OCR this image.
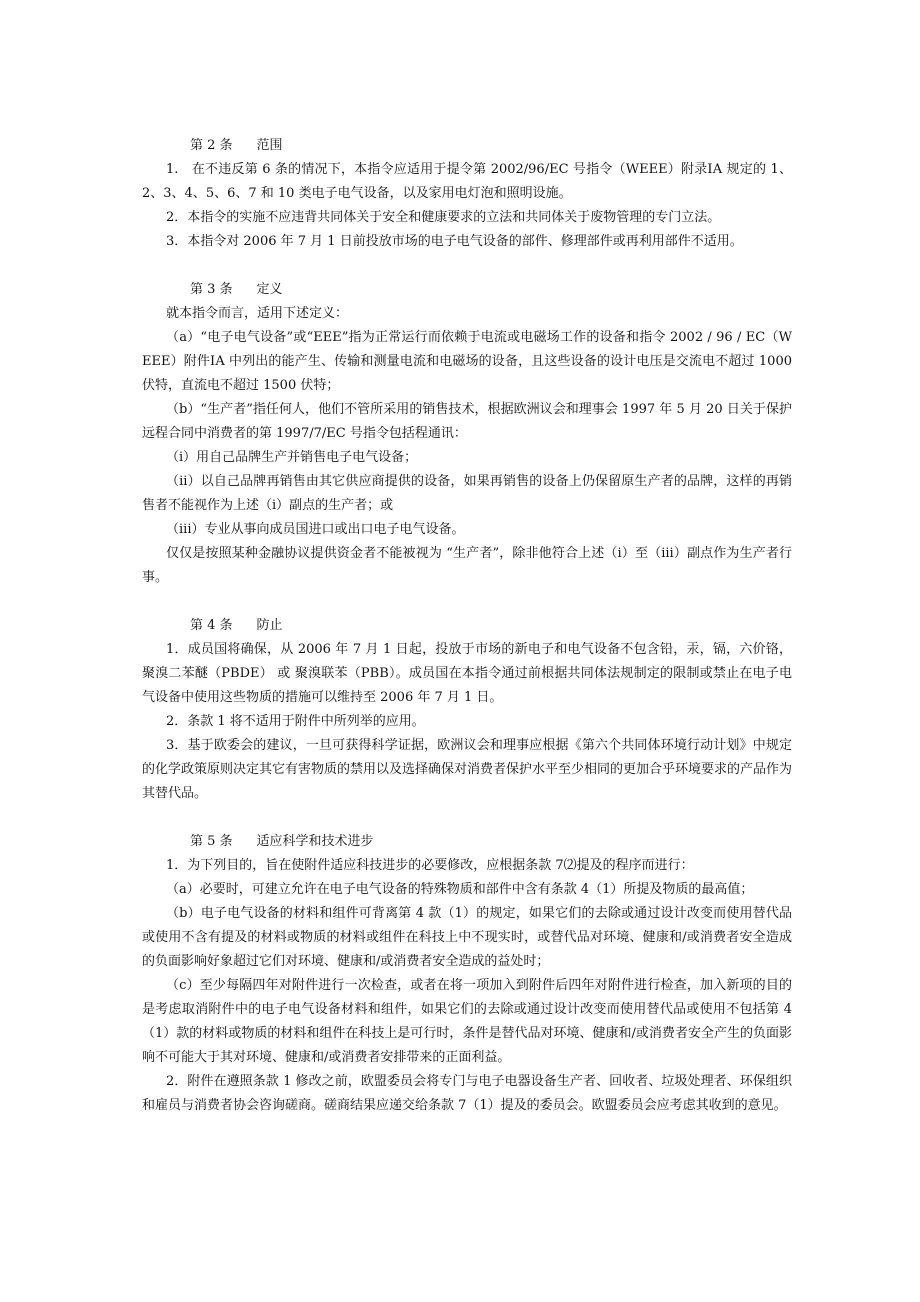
第 2 条 范围

1.　在不违反第 6 条的情况下，本指令应适用于提令第 2002/96/EC 号指令（WEEE）附录ⅠA 规定的 1、2、3、4、5、6、7 和 10 类电子电气设备，以及家用电灯泡和照明设施。

2．本指令的实施不应违背共同体关于安全和健康要求的立法和共同体关于废物管理的专门立法。

3．本指令对 2006 年 7 月 1 日前投放市场的电子电气设备的部件、修理部件或再利用部件不适用。

第 3 条 定义

就本指令而言，适用下述定义：

（a）“电子电气设备”或“EEE”指为正常运行而依赖于电流或电磁场工作的设备和指令 2002 / 96 / EC（WEEE）附件ⅠA 中列出的能产生、传输和测量电流和电磁场的设备，且这些设备的设计电压是交流电不超过 1000 伏特，直流电不超过 1500 伏特；

（b）“生产者”指任何人，他们不管所采用的销售技术，根据欧洲议会和理事会 1997 年 5 月 20 日关于保护远程合同中消费者的第 1997/7/EC 号指令包括程通讯：

（i）用自己品牌生产并销售电子电气设备；

（ii）以自己品牌再销售由其它供应商提供的设备，如果再销售的设备上仍保留原生产者的品牌，这样的再销售者不能视作为上述（i）副点的生产者；或

（iii）专业从事向成员国进口或出口电子电气设备。

仅仅是按照某种金融协议提供资金者不能被视为 “生产者”，除非他符合上述（i）至（iii）副点作为生产者行事。

第 4 条 防止

1．成员国将确保，从 2006 年 7 月 1 日起，投放于市场的新电子和电气设备不包含铅，汞，镉，六价铬，聚溴二苯醚（PBDE） 或 聚溴联苯（PBB）。成员国在本指令通过前根据共同体法规制定的限制或禁止在电子电气设备中使用这些物质的措施可以维持至 2006 年 7 月 1 日。

2．条款 1 将不适用于附件中所列举的应用。

3．基于欧委会的建议，一旦可获得科学证据，欧洲议会和理事应根据《第六个共同体环境行动计划》中规定的化学政策原则决定其它有害物质的禁用以及选择确保对消费者保护水平至少相同的更加合乎环境要求的产品作为其替代品。

第 5 条 适应科学和技术进步

1．为下列目的，旨在使附件适应科技进步的必要修改，应根据条款 7⑵提及的程序而进行：

（a）必要时，可建立允许在电子电气设备的特殊物质和部件中含有条款 4（1）所提及物质的最高值；

（b）电子电气设备的材料和组件可背离第 4 款（1）的规定，如果它们的去除或通过设计改变而使用替代品或使用不含有提及的材料或物质的材料或组件在科技上中不现实时，或替代品对环境、健康和/或消费者安全造成的负面影响好象超过它们对环境、健康和/或消费者安全造成的益处时；

（c）至少每隔四年对附件进行一次检查，或者在将一项加入到附件后四年对附件进行检查，加入新项的目的是考虑取消附件中的电子电气设备材料和组件，如果它们的去除或通过设计改变而使用替代品或使用不包括第 4（1）款的材料或物质的材料和组件在科技上是可行时，条件是替代品对环境、健康和/或消费者安全产生的负面影响不可能大于其对环境、健康和/或消费者安排带来的正面利益。

2．附件在遵照条款 1 修改之前，欧盟委员会将专门与电子电器设备生产者、回收者、垃圾处理者、环保组织和雇员与消费者协会咨询磋商。磋商结果应递交给条款 7（1）提及的委员会。欧盟委员会应考虑其收到的意见。
